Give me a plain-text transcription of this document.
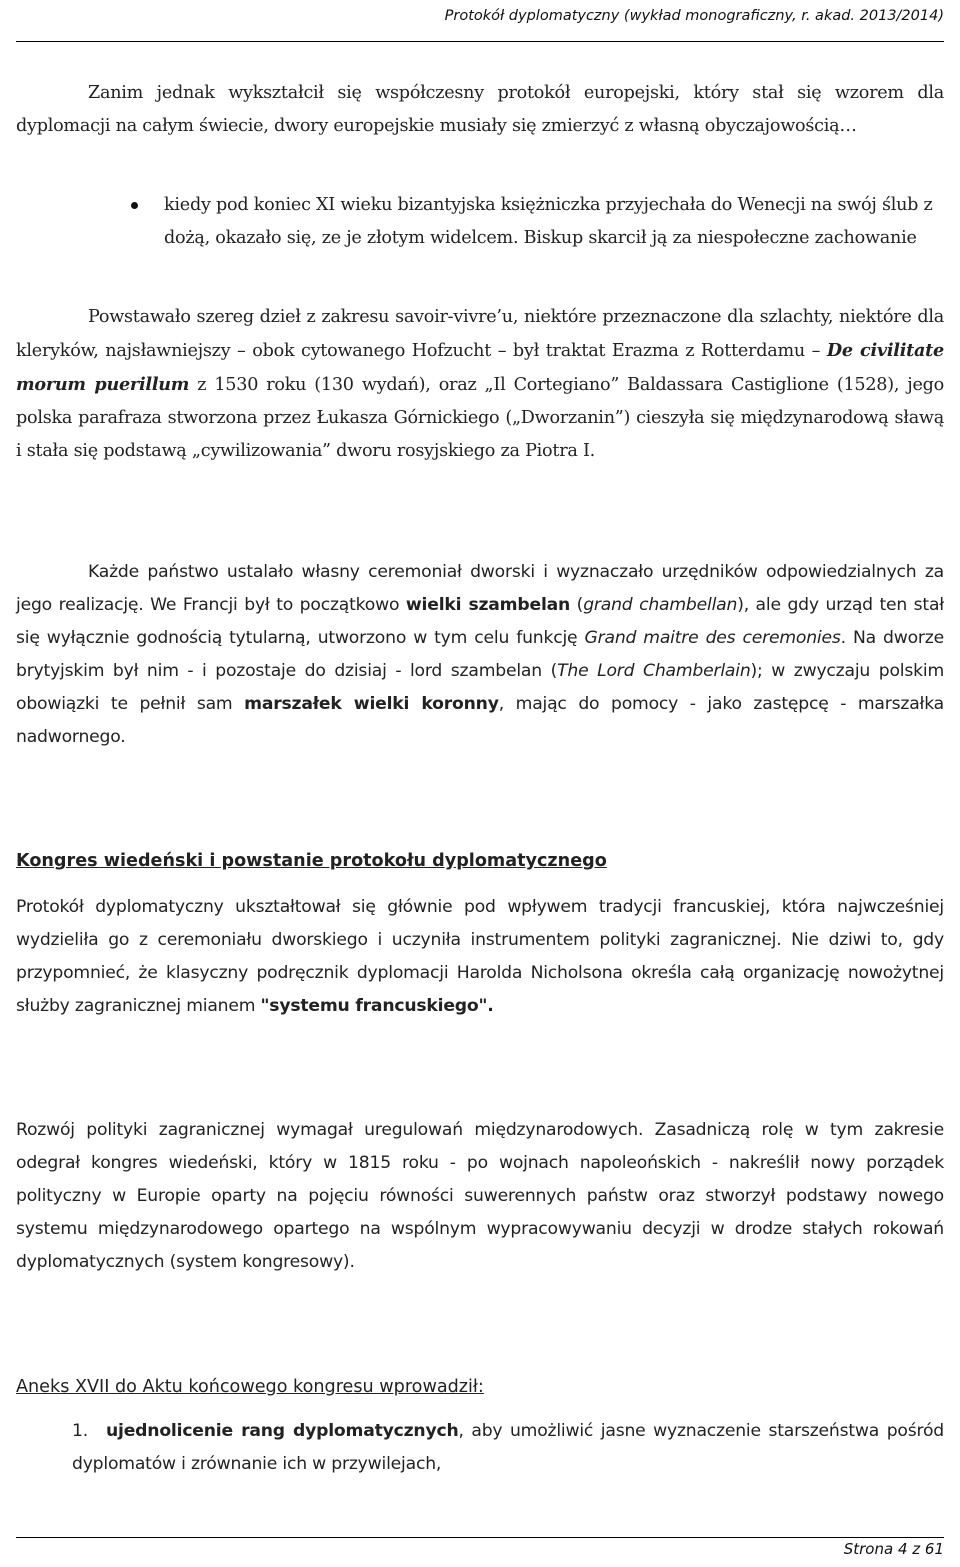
Protokół dyplomatyczny (wykład monograficzny, r. akad. 2013/2014)

Zanim jednak wykształcił się współczesny protokół europejski, który stał się wzorem dla dyplomacji na całym świecie, dwory europejskie musiały się zmierzyć z własną obyczajowością…

kiedy pod koniec XI wieku bizantyjska księżniczka przyjechała do Wenecji na swój ślub z dożą, okazało się, ze je złotym widelcem. Biskup skarcił ją za niespołeczne zachowanie

Powstawało szereg dzieł z zakresu savoir-vivre’u, niektóre przeznaczone dla szlachty, niektóre dla kleryków, najsławniejszy – obok cytowanego Hofzucht – był traktat Erazma z Rotterdamu – De civilitate morum puerillum z 1530 roku (130 wydań), oraz „Il Cortegiano” Baldassara Castiglione (1528), jego polska parafraza stworzona przez Łukasza Górnickiego („Dworzanin”) cieszyła się międzynarodową sławą i stała się podstawą „cywilizowania” dworu rosyjskiego za Piotra I.

Każde państwo ustalało własny ceremoniał dworski i wyznaczało urzędników odpowiedzialnych za jego realizację. We Francji był to początkowo wielki szambelan (grand chambellan), ale gdy urząd ten stał się wyłącznie godnością tytularną, utworzono w tym celu funkcję Grand maitre des ceremonies. Na dworze brytyjskim był nim - i pozostaje do dzisiaj - lord szambelan (The Lord Chamberlain); w zwyczaju polskim obowiązki te pełnił sam marszałek wielki koronny, mając do pomocy - jako zastępcę - marszałka nadwornego.

Kongres wiedeński i powstanie protokołu dyplomatycznego

Protokół dyplomatyczny ukształtował się głównie pod wpływem tradycji francuskiej, która najwcześniej wydzieliła go z ceremoniału dworskiego i uczyniła instrumentem polityki zagranicznej. Nie dziwi to, gdy przypomnieć, że klasyczny podręcznik dyplomacji Harolda Nicholsona określa całą organizację nowożytnej służby zagranicznej mianem "systemu francuskiego".

Rozwój polityki zagranicznej wymagał uregulowań międzynarodowych. Zasadniczą rolę w tym zakresie odegrał kongres wiedeński, który w 1815 roku - po wojnach napoleońskich - nakreślił nowy porządek polityczny w Europie oparty na pojęciu równości suwerennych państw oraz stworzył podstawy nowego systemu międzynarodowego opartego na wspólnym wypracowywaniu decyzji w drodze stałych rokowań dyplomatycznych (system kongresowy).

Aneks XVII do Aktu końcowego kongresu wprowadził:

1.	ujednolicenie rang dyplomatycznych, aby umożliwić jasne wyznaczenie starszeństwa pośród dyplomatów i zrównanie ich w przywilejach,

Strona 4 z 61
